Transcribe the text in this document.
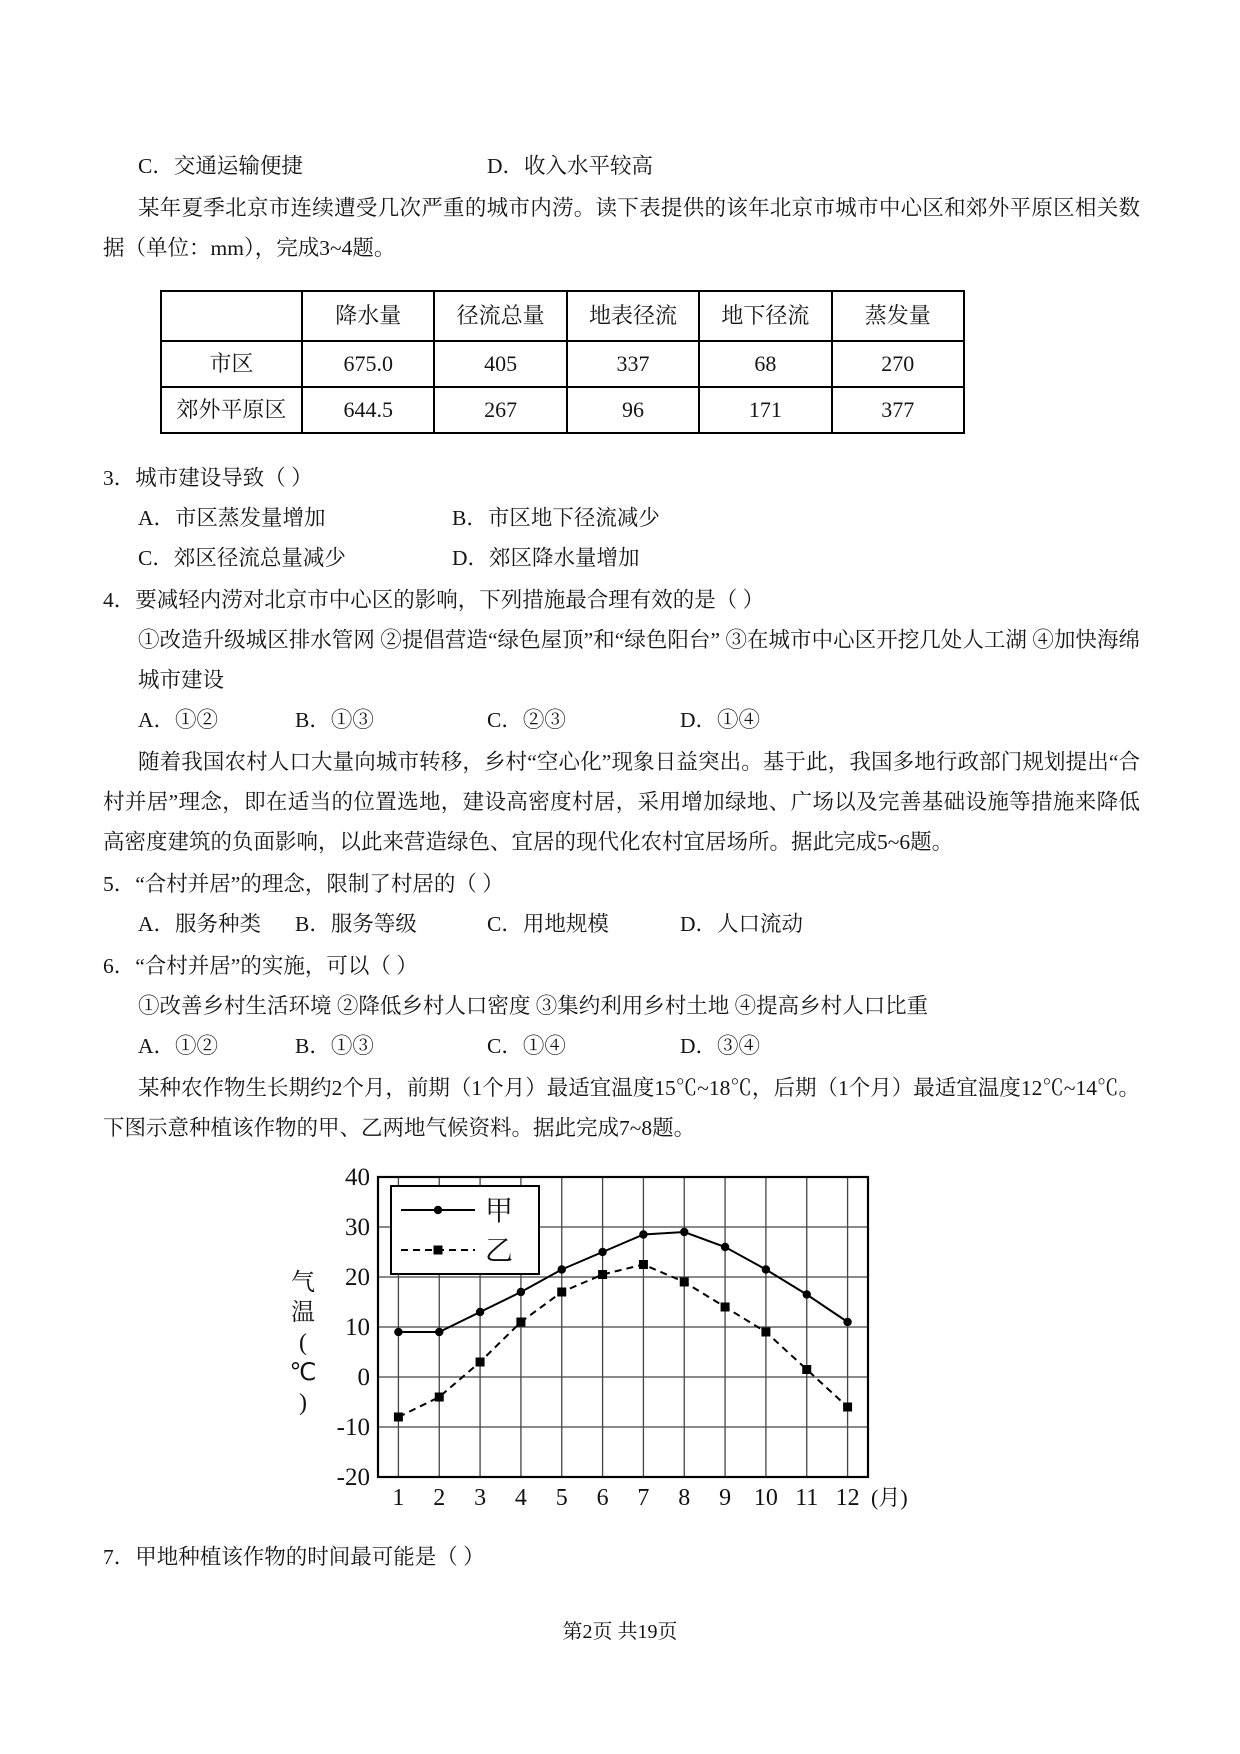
C．交通运输便捷	D．收入水平较高

某年夏季北京市连续遭受几次严重的城市内涝。读下表提供的该年北京市城市中心区和郊外平原区相关数据（单位：mm），完成3~4题。

	降水量	径流总量	地表径流	地下径流	蒸发量
市区	675.0	405	337	68	270
郊外平原区	644.5	267	96	171	377
3．城市建设导致（ ）
A．市区蒸发量增加	B．市区地下径流减少
C．郊区径流总量减少	D．郊区降水量增加
4．要减轻内涝对北京市中心区的影响，下列措施最合理有效的是（ ）
①改造升级城区排水管网 ②提倡营造“绿色屋顶”和“绿色阳台” ③在城市中心区开挖几处人工湖 ④加快海绵城市建设
A．①②	B．①③	C．②③	D．①④

随着我国农村人口大量向城市转移，乡村“空心化”现象日益突出。基于此，我国多地行政部门规划提出“合村并居”理念，即在适当的位置选地，建设高密度村居，采用增加绿地、广场以及完善基础设施等措施来降低高密度建筑的负面影响，以此来营造绿色、宜居的现代化农村宜居场所。据此完成5~6题。

5．“合村并居”的理念，限制了村居的（ ）
A．服务种类	B．服务等级	C．用地规模	D．人口流动
6．“合村并居”的实施，可以（ ）
①改善乡村生活环境 ②降低乡村人口密度 ③集约利用乡村土地 ④提高乡村人口比重
A．①②	B．①③	C．①④	D．③④

某种农作物生长期约2个月，前期（1个月）最适宜温度15℃~18℃，后期（1个月）最适宜温度12℃~14℃。下图示意种植该作物的甲、乙两地气候资料。据此完成7~8题。

40
30
20
10
0
-10
-20
1 2 3 4 5 6 7 8 9 10 11 12 (月)
气
温
(
℃
)
甲
乙
7．甲地种植该作物的时间最可能是（ ）
第2页 共19页
